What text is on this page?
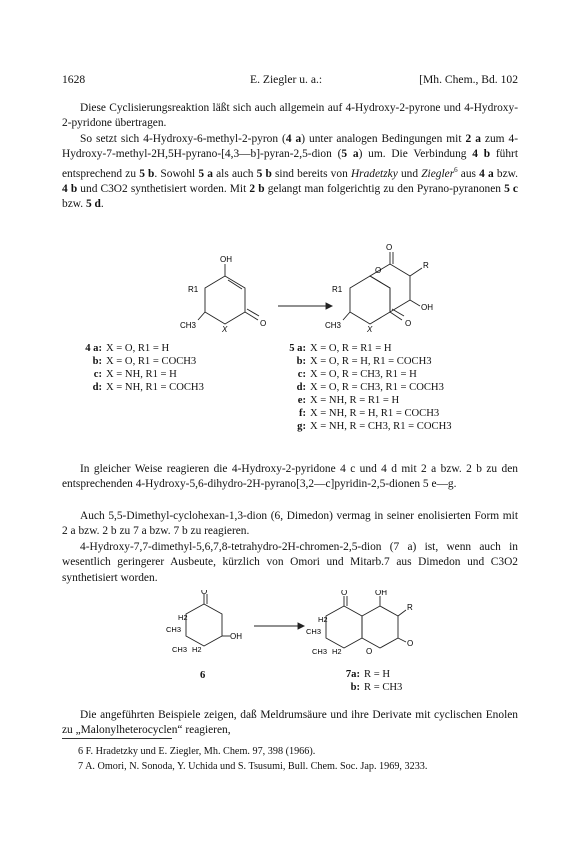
1628	E. Ziegler u. a.:	[Mh. Chem., Bd. 102

Diese Cyclisierungsreaktion läßt sich auch allgemein auf 4-Hydroxy-2-pyrone und 4-Hydroxy-2-pyridone übertragen.

So setzt sich 4-Hydroxy-6-methyl-2-pyron (4 a) unter analogen Bedingungen mit 2 a zum 4-Hydroxy-7-methyl-2H,5H-pyrano-[4,3—b]-pyran-2,5-dion (5 a) um. Die Verbindung 4 b führt entsprechend zu 5 b. Sowohl 5 a als auch 5 b sind bereits von Hradetzky und Ziegler$^6$ aus 4 a bzw. 4 b und C3O2 synthetisiert worden. Mit 2 b gelangt man folgerichtig zu den Pyrano-pyranonen 5 c bzw. 5 d.

OH
R1
CH3	X
O
O
O
R
R1
OH
CH3	X
O
4 a: X = O, R1 = H
b: X = O, R1 = COCH3
c: X = NH, R1 = H
d: X = NH, R1 = COCH3
5 a: X = O, R = R1 = H
b: X = O, R = H, R1 = COCH3
c: X = O, R = CH3, R1 = H
d: X = O, R = CH3, R1 = COCH3
e: X = NH, R = R1 = H
f: X = NH, R = H, R1 = COCH3
g: X = NH, R = CH3, R1 = COCH3

In gleicher Weise reagieren die 4-Hydroxy-2-pyridone 4 c und 4 d mit 2 a bzw. 2 b zu den entsprechenden 4-Hydroxy-5,6-dihydro-2H-pyrano[3,2—c]pyridin-2,5-dionen 5 e—g.

Auch 5,5-Dimethyl-cyclohexan-1,3-dion (6, Dimedon) vermag in seiner enolisierten Form mit 2 a bzw. 2 b zu 7 a bzw. 7 b zu reagieren.

4-Hydroxy-7,7-dimethyl-5,6,7,8-tetrahydro-2H-chromen-2,5-dion (7 a) ist, wenn auch in wesentlich geringerer Ausbeute, kürzlich von Omori und Mitarb.7 aus Dimedon und C3O2 synthetisiert worden.

O
H2
CH3
CH3 H2
OH
O	OH
R
H2
CH3
CH3 H2	O
O
6	7a: R = H
b: R = CH3

Die angeführten Beispiele zeigen, daß Meldrumsäure und ihre Derivate mit cyclischen Enolen zu „Malonylheterocyclen“ reagieren,

6 F. Hradetzky und E. Ziegler, Mh. Chem. 97, 398 (1966).

7 A. Omori, N. Sonoda, Y. Uchida und S. Tsusumi, Bull. Chem. Soc. Jap. 1969, 3233.
